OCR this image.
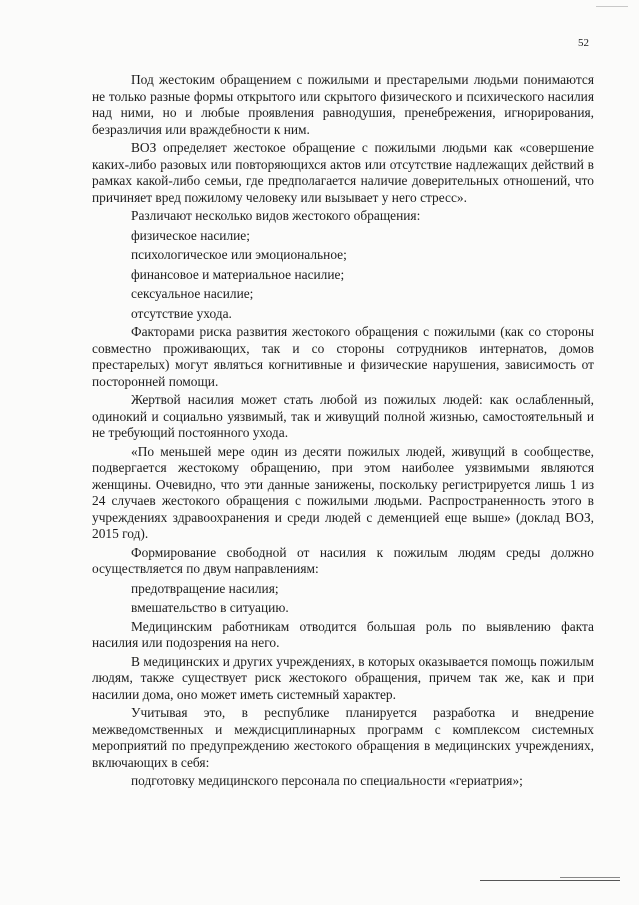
52

Под жестоким обращением с пожилыми и престарелыми людьми понимаются не только разные формы открытого или скрытого физического и психического насилия над ними, но и любые проявления равнодушия, пренебрежения, игнорирования, безразличия или враждебности к ним.

ВОЗ определяет жестокое обращение с пожилыми людьми как «совершение каких-либо разовых или повторяющихся актов или отсутствие надлежащих действий в рамках какой-либо семьи, где предполагается наличие доверительных отношений, что причиняет вред пожилому человеку или вызывает у него стресс».

Различают несколько видов жестокого обращения:

физическое насилие;

психологическое или эмоциональное;

финансовое и материальное насилие;

сексуальное насилие;

отсутствие ухода.

Факторами риска развития жестокого обращения с пожилыми (как со стороны совместно проживающих, так и со стороны сотрудников интернатов, домов престарелых) могут являться когнитивные и физические нарушения, зависимость от посторонней помощи.

Жертвой насилия может стать любой из пожилых людей: как ослабленный, одинокий и социально уязвимый, так и живущий полной жизнью, самостоятельный и не требующий постоянного ухода.

«По меньшей мере один из десяти пожилых людей, живущий в сообществе, подвергается жестокому обращению, при этом наиболее уязвимыми являются женщины. Очевидно, что эти данные занижены, поскольку регистрируется лишь 1 из 24 случаев жестокого обращения с пожилыми людьми. Распространенность этого в учреждениях здравоохранения и среди людей с деменцией еще выше» (доклад ВОЗ, 2015 год).

Формирование свободной от насилия к пожилым людям среды должно осуществляется по двум направлениям:

предотвращение насилия;

вмешательство в ситуацию.

Медицинским работникам отводится большая роль по выявлению факта насилия или подозрения на него.

В медицинских и других учреждениях, в которых оказывается помощь пожилым людям, также существует риск жестокого обращения, причем так же, как и при насилии дома, оно может иметь системный характер.

Учитывая это, в республике планируется разработка и внедрение межведомственных и междисциплинарных программ с комплексом системных мероприятий по предупреждению жестокого обращения в медицинских учреждениях, включающих в себя:

подготовку медицинского персонала по специальности «гериатрия»;
